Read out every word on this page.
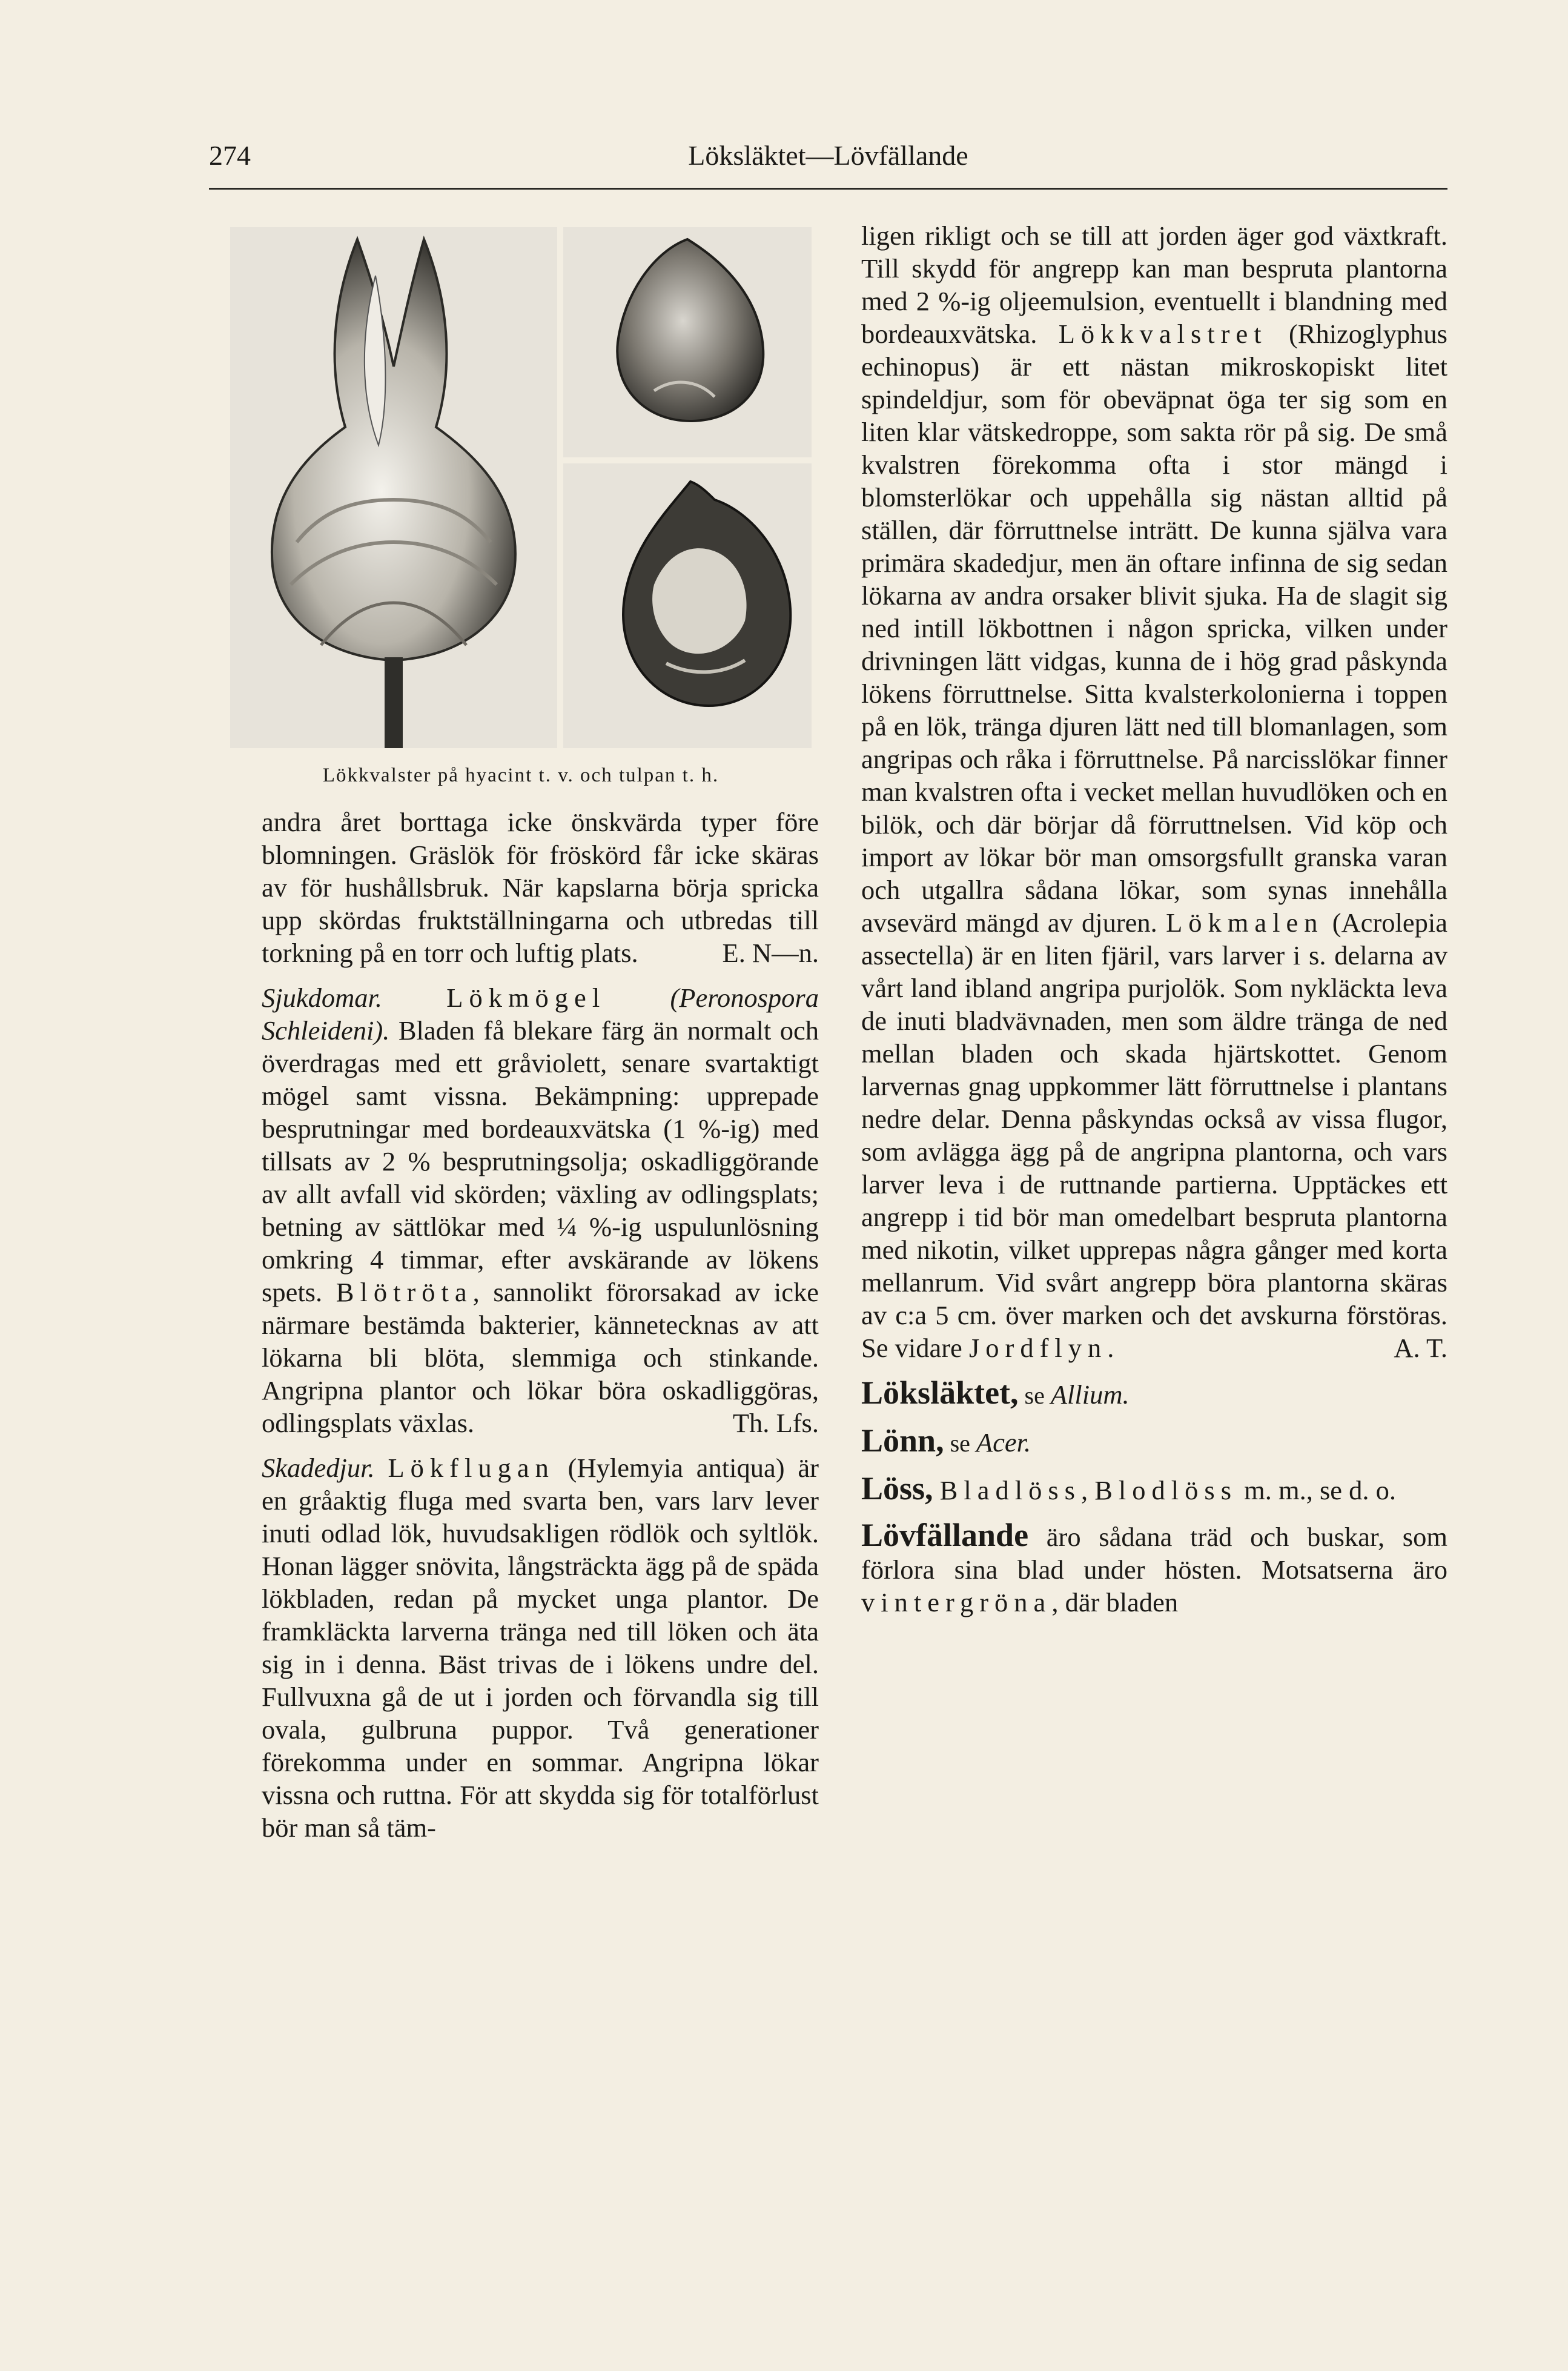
274	Löksläktet—Lövfällande
Lökkvalster på hyacint t. v. och tulpan t. h.

andra året borttaga icke önskvärda typer före blomningen. Gräslök för fröskörd får icke skäras av för hushållsbruk. När kapslarna börja spricka upp skördas fruktställningarna och utbredas till torkning på en torr och luftig plats.	E. N—n.

Sjukdomar. Lökmögel (Peronospora Schleideni). Bladen få blekare färg än normalt och överdragas med ett gråviolett, senare svartaktigt mögel samt vissna. Bekämpning: upprepade besprutningar med bordeauxvätska (1 %-ig) med tillsats av 2 % besprutningsolja; oskadliggörande av allt avfall vid skörden; växling av odlingsplats; betning av sättlökar med ¼ %-ig uspulunlösning omkring 4 timmar, efter avskärande av lökens spets. Blötröta, sannolikt förorsakad av icke närmare bestämda bakterier, kännetecknas av att lökarna bli blöta, slemmiga och stinkande. Angripna plantor och lökar böra oskadliggöras, odlingsplats växlas.	Th. Lfs.

Skadedjur. Lökflugan (Hylemyia antiqua) är en gråaktig fluga med svarta ben, vars larv lever inuti odlad lök, huvudsakligen rödlök och syltlök. Honan lägger snövita, långsträckta ägg på de späda lökbladen, redan på mycket unga plantor. De framkläckta larverna tränga ned till löken och äta sig in i denna. Bäst trivas de i lökens undre del. Fullvuxna gå de ut i jorden och förvandla sig till ovala, gulbruna puppor. Två generationer förekomma under en sommar. Angripna lökar vissna och ruttna. För att skydda sig för totalförlust bör man så täm-

ligen rikligt och se till att jorden äger god växtkraft. Till skydd för angrepp kan man bespruta plantorna med 2 %-ig oljeemulsion, eventuellt i blandning med bordeauxvätska. Lökkvalstret (Rhizoglyphus echinopus) är ett nästan mikroskopiskt litet spindeldjur, som för obeväpnat öga ter sig som en liten klar vätskedroppe, som sakta rör på sig. De små kvalstren förekomma ofta i stor mängd i blomsterlökar och uppehålla sig nästan alltid på ställen, där förruttnelse inträtt. De kunna själva vara primära skadedjur, men än oftare infinna de sig sedan lökarna av andra orsaker blivit sjuka. Ha de slagit sig ned intill lökbottnen i någon spricka, vilken under drivningen lätt vidgas, kunna de i hög grad påskynda lökens förruttnelse. Sitta kvalsterkolonierna i toppen på en lök, tränga djuren lätt ned till blomanlagen, som angripas och råka i förruttnelse. På narcisslökar finner man kvalstren ofta i vecket mellan huvudlöken och en bilök, och där börjar då förruttnelsen. Vid köp och import av lökar bör man omsorgsfullt granska varan och utgallra sådana lökar, som synas innehålla avsevärd mängd av djuren. Lökmalen (Acrolepia assectella) är en liten fjäril, vars larver i s. delarna av vårt land ibland angripa purjolök. Som nykläckta leva de inuti bladvävnaden, men som äldre tränga de ned mellan bladen och skada hjärtskottet. Genom larvernas gnag uppkommer lätt förruttnelse i plantans nedre delar. Denna påskyndas också av vissa flugor, som avlägga ägg på de angripna plantorna, och vars larver leva i de ruttnande partierna. Upptäckes ett angrepp i tid bör man omedelbart bespruta plantorna med nikotin, vilket upprepas några gånger med korta mellanrum. Vid svårt angrepp böra plantorna skäras av c:a 5 cm. över marken och det avskurna förstöras. Se vidare Jordflyn.	A. T.

Löksläktet, se Allium.

Lönn, se Acer.

Löss, Bladlöss, Blodlöss m. m., se d. o.

Lövfällande äro sådana träd och buskar, som förlora sina blad under hösten. Motsatserna äro vintergröna, där bladen
